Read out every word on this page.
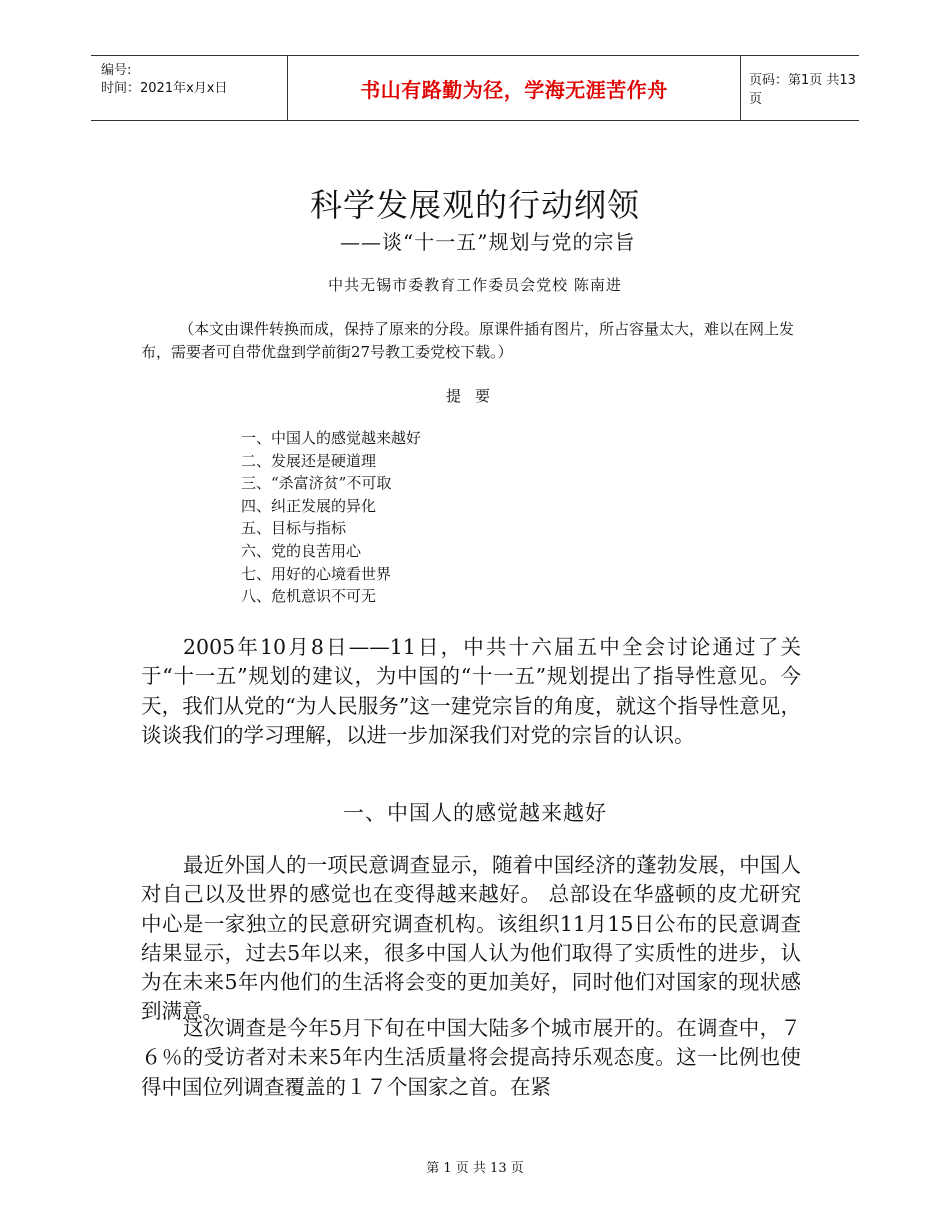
编号:
时间：2021年x月x日	书山有路勤为径，学海无涯苦作舟	页码：第1页 共13页
科学发展观的行动纲领
——谈“十一五”规划与党的宗旨
中共无锡市委教育工作委员会党校 陈南进
（本文由课件转换而成，保持了原来的分段。原课件插有图片，所占容量太大，难以在网上发布，需要者可自带优盘到学前街27号教工委党校下载。）
提要
一、中国人的感觉越来越好
二、发展还是硬道理
三、“杀富济贫”不可取
四、纠正发展的异化
五、目标与指标
六、党的良苦用心
七、用好的心境看世界
八、危机意识不可无

2005年10月8日——11日，中共十六届五中全会讨论通过了关于“十一五”规划的建议，为中国的“十一五”规划提出了指导性意见。今天，我们从党的“为人民服务”这一建党宗旨的角度，就这个指导性意见，谈谈我们的学习理解，以进一步加深我们对党的宗旨的认识。

一、中国人的感觉越来越好

最近外国人的一项民意调查显示，随着中国经济的蓬勃发展，中国人对自己以及世界的感觉也在变得越来越好。 总部设在华盛顿的皮尤研究中心是一家独立的民意研究调查机构。该组织11月15日公布的民意调查结果显示，过去5年以来，很多中国人认为他们取得了实质性的进步，认为在未来5年内他们的生活将会变的更加美好，同时他们对国家的现状感到满意。

这次调查是今年5月下旬在中国大陆多个城市展开的。在调查中，７６％的受访者对未来5年内生活质量将会提高持乐观态度。这一比例也使得中国位列调查覆盖的１７个国家之首。在紧

第 1 页 共 13 页
